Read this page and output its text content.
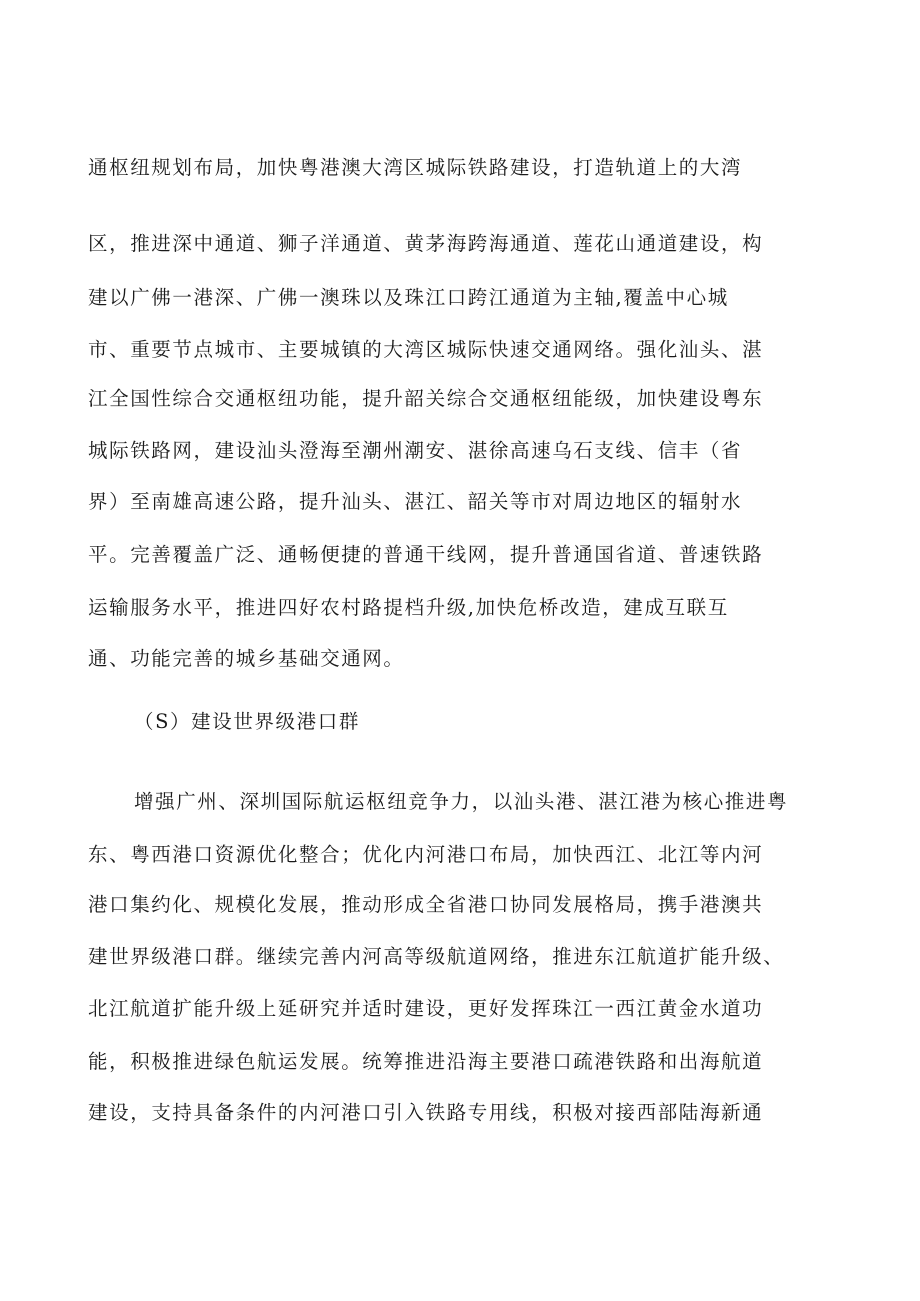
通枢纽规划布局，加快粤港澳大湾区城际铁路建设，打造轨道上的大湾
区，推进深中通道、狮子洋通道、黄茅海跨海通道、莲花山通道建设，构
建以广佛一港深、广佛一澳珠以及珠江口跨江通道为主轴,覆盖中心城
市、重要节点城市、主要城镇的大湾区城际快速交通网络。强化汕头、湛
江全国性综合交通枢纽功能，提升韶关综合交通枢纽能级，加快建设粤东
城际铁路网，建设汕头澄海至潮州潮安、湛徐高速乌石支线、信丰（省
界）至南雄高速公路，提升汕头、湛江、韶关等市对周边地区的辐射水
平。完善覆盖广泛、通畅便捷的普通干线网，提升普通国省道、普速铁路
运输服务水平，推进四好农村路提档升级,加快危桥改造，建成互联互
通、功能完善的城乡基础交通网。
（S）建设世界级港口群
增强广州、深圳国际航运枢纽竞争力，以汕头港、湛江港为核心推进粤
东、粤西港口资源优化整合；优化内河港口布局，加快西江、北江等内河
港口集约化、规模化发展，推动形成全省港口协同发展格局，携手港澳共
建世界级港口群。继续完善内河高等级航道网络，推进东江航道扩能升级、
北江航道扩能升级上延研究并适时建设，更好发挥珠江一西江黄金水道功
能，积极推进绿色航运发展。统筹推进沿海主要港口疏港铁路和出海航道
建设，支持具备条件的内河港口引入铁路专用线，积极对接西部陆海新通
